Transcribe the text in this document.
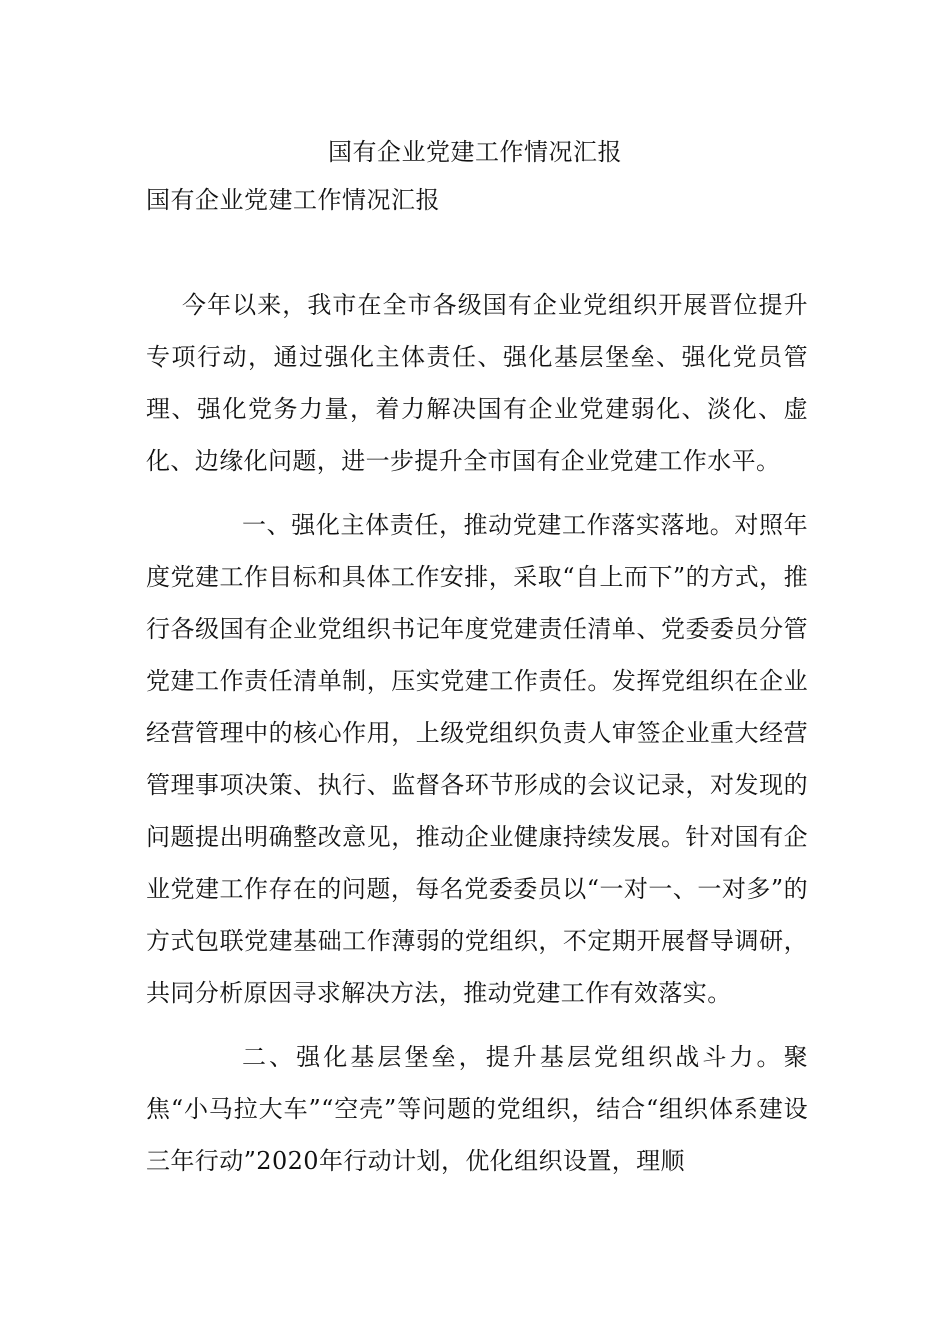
国有企业党建工作情况汇报
国有企业党建工作情况汇报

今年以来，我市在全市各级国有企业党组织开展晋位提升专项行动，通过强化主体责任、强化基层堡垒、强化党员管理、强化党务力量，着力解决国有企业党建弱化、淡化、虚化、边缘化问题，进一步提升全市国有企业党建工作水平。

一、强化主体责任，推动党建工作落实落地。对照年度党建工作目标和具体工作安排，采取“自上而下”的方式，推行各级国有企业党组织书记年度党建责任清单、党委委员分管党建工作责任清单制，压实党建工作责任。发挥党组织在企业经营管理中的核心作用，上级党组织负责人审签企业重大经营管理事项决策、执行、监督各环节形成的会议记录，对发现的问题提出明确整改意见，推动企业健康持续发展。针对国有企业党建工作存在的问题，每名党委委员以“一对一、一对多”的方式包联党建基础工作薄弱的党组织，不定期开展督导调研，共同分析原因寻求解决方法，推动党建工作有效落实。

二、强化基层堡垒，提升基层党组织战斗力。聚焦“小马拉大车”“空壳”等问题的党组织，结合“组织体系建设三年行动”2020年行动计划，优化组织设置，理顺
